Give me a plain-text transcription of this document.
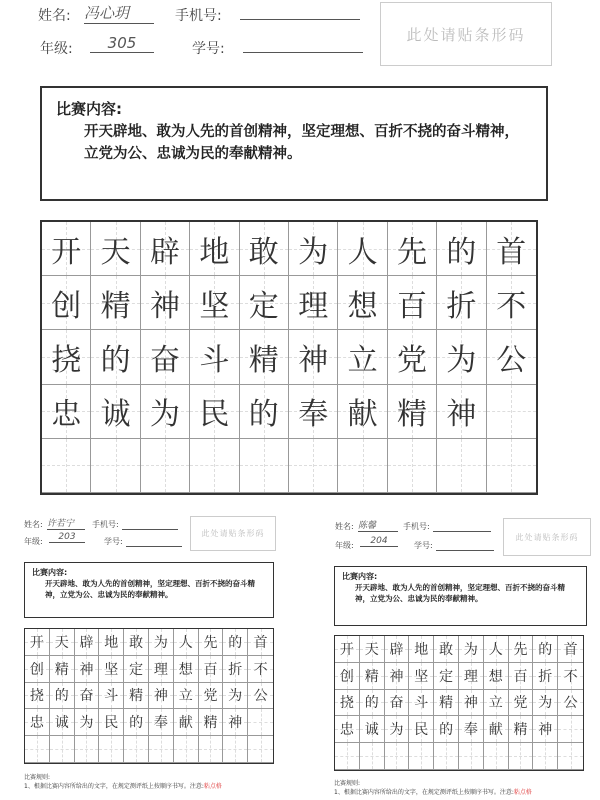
姓名: 冯心玥	手机号:
年级:	305	学号:
此处请贴条形码
比赛内容:
开天辟地、敢为人先的首创精神，坚定理想、百折不挠的奋斗精神，立党为公、忠诚为民的奉献精神。
开 天 辟 地 敢 为 人 先 的 首
创 精 神 坚 定 理 想 百 折 不
挠 的 奋 斗 精 神 立 党 为 公
忠 诚 为 民 的 奉 献 精 神
姓名: 许若宁	手机号:
年级:	203	学号:
此处请贴条形码
比赛内容:
开天辟地、敢为人先的首创精神，坚定理想、百折不挠的奋斗精神，立党为公、忠诚为民的奉献精神。
开 天 辟 地 敢 为 人 先 的 首
创 精 神 坚 定 理 想 百 折 不
挠 的 奋 斗 精 神 立 党 为 公
忠 诚 为 民 的 奉 献 精 神
比赛规则:
1、根据比赛内容所给出的文字，在规定测评纸上按顺序书写。注意:粘点格
姓名: 陈馨	手机号:
年级:	204	学号:
此处请贴条形码
比赛内容:
开天辟地、敢为人先的首创精神，坚定理想、百折不挠的奋斗精神，立党为公、忠诚为民的奉献精神。
开 天 辟 地 敢 为 人 先 的 首
创 精 神 坚 定 理 想 百 折 不
挠 的 奋 斗 精 神 立 党 为 公
忠 诚 为 民 的 奉 献 精 神
比赛规则:
1、根据比赛内容所给出的文字，在规定测评纸上按顺序书写。注意:粘点格
